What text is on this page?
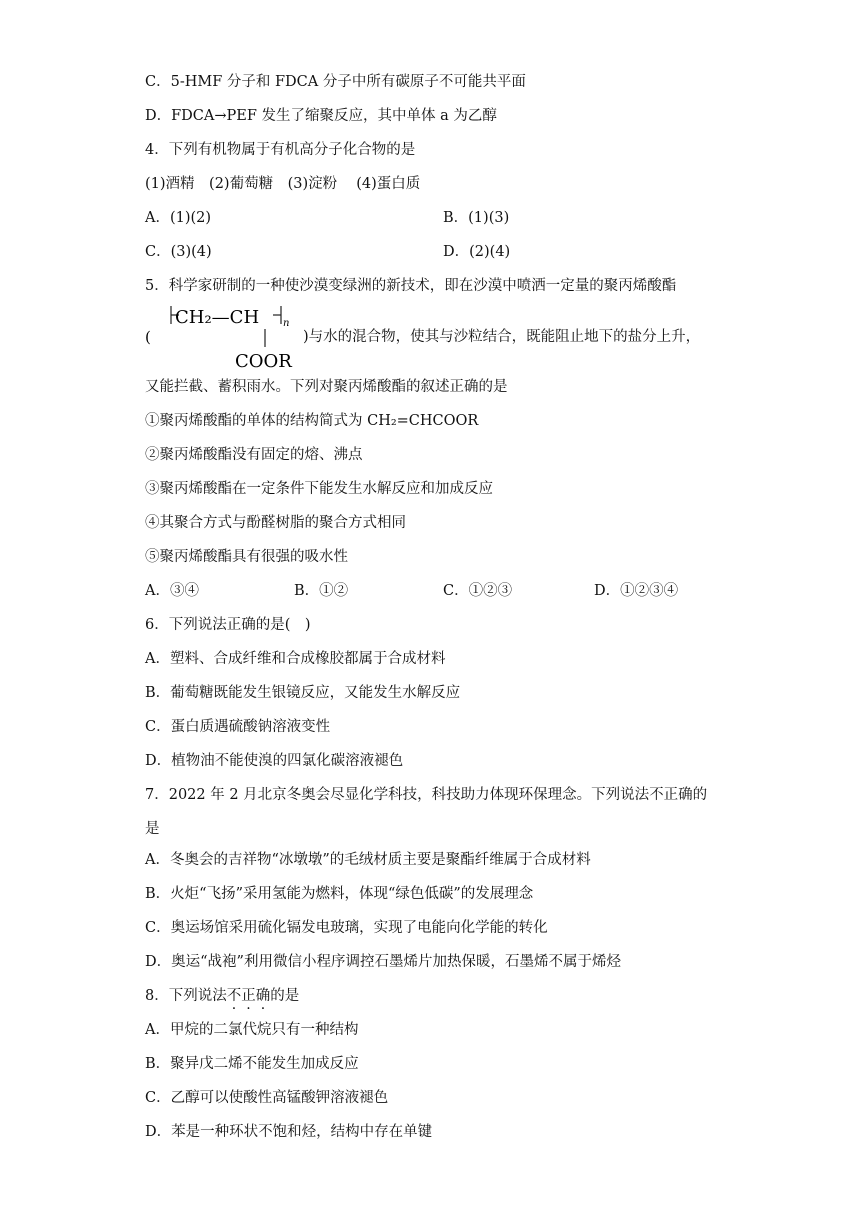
C．5-HMF 分子和 FDCA 分子中所有碳原子不可能共平面
D．FDCA→PEF 发生了缩聚反应，其中单体 a 为乙醇
4．下列有机物属于有机高分子化合物的是
(1)酒精　(2)葡萄糖　(3)淀粉　 (4)蛋白质
A．(1)(2)	B．(1)(3)
C．(3)(4)	D．(2)(4)
5．科学家研制的一种使沙漠变绿洲的新技术，即在沙漠中喷洒一定量的聚丙烯酸酯
(
CH₂—CH n
COOR
)与水的混合物，使其与沙粒结合，既能阻止地下的盐分上升，
又能拦截、蓄积雨水。下列对聚丙烯酸酯的叙述正确的是
①聚丙烯酸酯的单体的结构简式为 CH₂=CHCOOR
②聚丙烯酸酯没有固定的熔、沸点
③聚丙烯酸酯在一定条件下能发生水解反应和加成反应
④其聚合方式与酚醛树脂的聚合方式相同
⑤聚丙烯酸酯具有很强的吸水性
A．③④	B．①②	C．①②③	D．①②③④
6．下列说法正确的是(　)
A．塑料、合成纤维和合成橡胶都属于合成材料
B．葡萄糖既能发生银镜反应，又能发生水解反应
C．蛋白质遇硫酸钠溶液变性
D．植物油不能使溴的四氯化碳溶液褪色
7．2022 年 2 月北京冬奥会尽显化学科技，科技助力体现环保理念。下列说法不正确的
是
A．冬奥会的吉祥物“冰墩墩”的毛绒材质主要是聚酯纤维属于合成材料
B．火炬“飞扬”采用氢能为燃料，体现“绿色低碳”的发展理念
C．奥运场馆采用硫化镉发电玻璃，实现了电能向化学能的转化
D．奥运“战袍”利用微信小程序调控石墨烯片加热保暖，石墨烯不属于烯烃
8．下列说法不正确的是
A．甲烷的二氯代烷只有一种结构
B．聚异戊二烯不能发生加成反应
C．乙醇可以使酸性高锰酸钾溶液褪色
D．苯是一种环状不饱和烃，结构中存在单键
